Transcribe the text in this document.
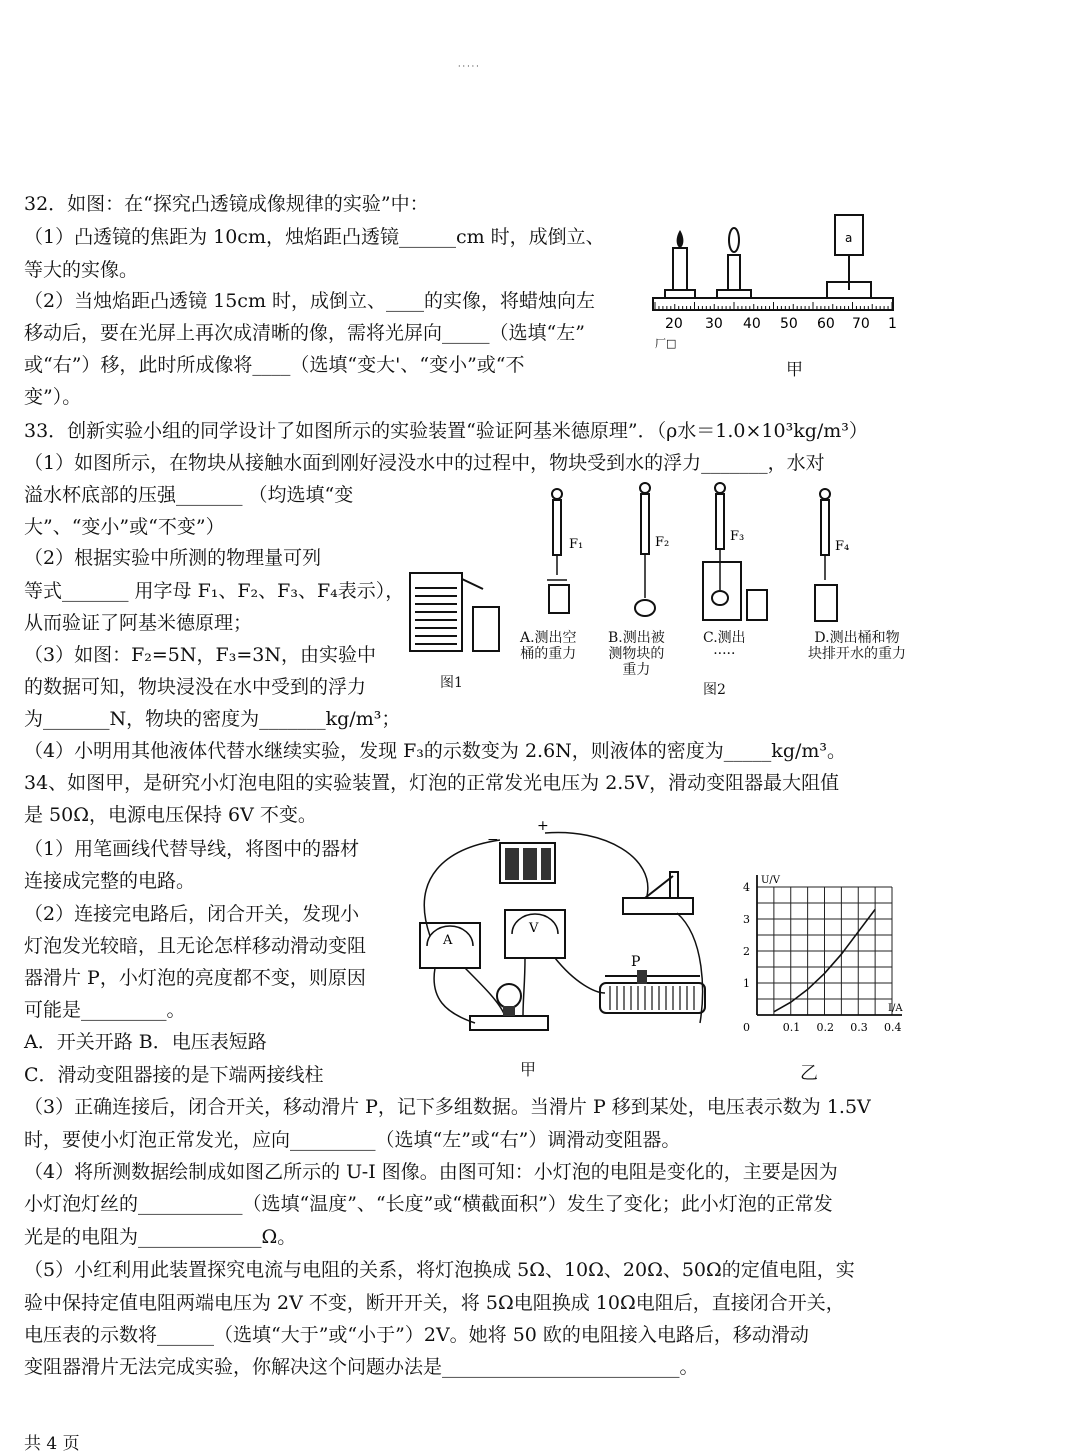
·····
32．如图：在“探究凸透镜成像规律的实验”中：
（1）凸透镜的焦距为 10cm，烛焰距凸透镜______cm 时，成倒立、
等大的实像。
（2）当烛焰距凸透镜 15cm 时，成倒立、____的实像，将蜡烛向左
移动后，要在光屏上再次成清晰的像，需将光屏向_____（选填“左”
或“右”）移，此时所成像将____（选填“变大'、“变小”或“不
变”）。
a
20 30 40 50 60 70 1
厂□
甲
33．创新实验小组的同学设计了如图所示的实验装置“验证阿基米德原理”．（ρ水＝1.0×10³kg/m³）
（1）如图所示，在物块从接触水面到刚好浸没水中的过程中，物块受到水的浮力_______，水对
溢水杯底部的压强_______ （均选填“变
大”、“变小”或“不变”）
（2）根据实验中所测的物理量可列
等式_______ 用字母 F₁、F₂、F₃、F₄表示），
从而验证了阿基米德原理；
（3）如图：F₂=5N，F₃=3N，由实验中
的数据可知，物块浸没在水中受到的浮力
为_______N，物块的密度为_______kg/m³；
（4）小明用其他液体代替水继续实验，发现 F₃的示数变为 2.6N，则液体的密度为_____kg/m³。
图1
F₁	F₂	F₃
F₄
A.测出空
桶的重力
B.测出被
测物块的
重力
C.测出
·····
D.测出桶和物
块排开水的重力
图2
34、如图甲，是研究小灯泡电阻的实验装置，灯泡的正常发光电压为 2.5V，滑动变阻器最大阻值
是 50Ω，电源电压保持 6V 不变。
（1）用笔画线代替导线，将图中的器材
连接成完整的电路。
（2）连接完电路后，闭合开关，发现小
灯泡发光较暗，且无论怎样移动滑动变阻
器滑片 P，小灯泡的亮度都不变，则原因
可能是_________。
A．开关开路 B．电压表短路
C．滑动变阻器接的是下端两接线柱
（3）正确连接后，闭合开关，移动滑片 P，记下多组数据。当滑片 P 移到某处，电压表示数为 1.5V
时，要使小灯泡正常发光，应向_________（选填“左”或“右”）调滑动变阻器。
（4）将所测数据绘制成如图乙所示的 U-I 图像。由图可知：小灯泡的电阻是变化的，主要是因为
小灯泡灯丝的___________（选填“温度”、“长度”或“横截面积”）发生了变化；此小灯泡的正常发
光是的电阻为_____________Ω。
（5）小红利用此装置探究电流与电阻的关系，将灯泡换成 5Ω、10Ω、20Ω、50Ω的定值电阻，实
验中保持定值电阻两端电压为 2V 不变，断开开关，将 5Ω电阻换成 10Ω电阻后，直接闭合开关，
电压表的示数将______（选填“大于”或“小于”）2V。她将 50 欧的电阻接入电路后，移动滑动
变阻器滑片无法完成实验，你解决这个问题办法是_________________________。
−
+
A
V
P
甲
0	0.1 0.2 0.3 0.4
1
2
3
4
U/V
I/A
乙
共 4 页
